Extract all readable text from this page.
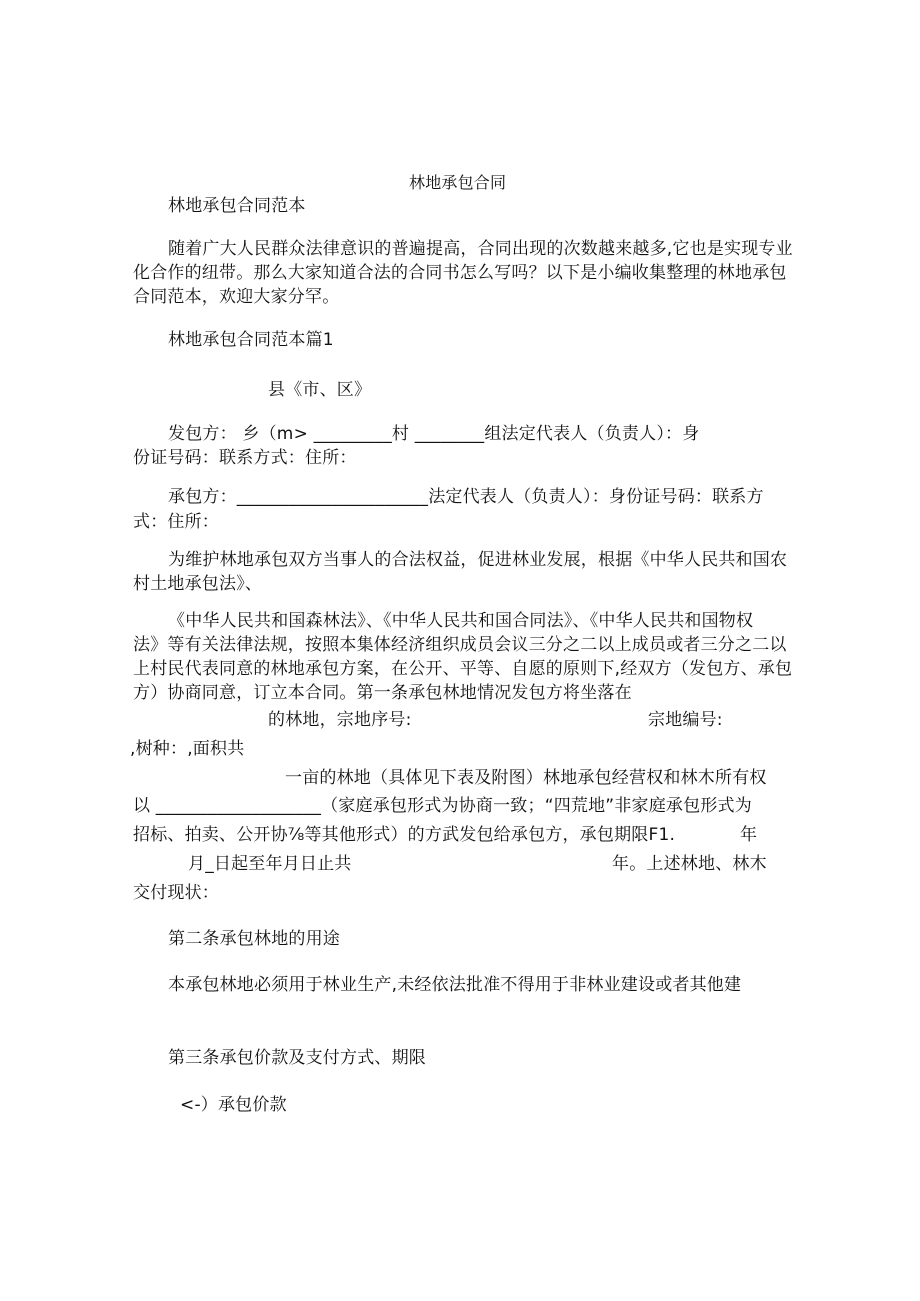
林地承包合同
林地承包合同范本
随着广大人民群众法律意识的普遍提高，合同出现的次数越来越多,它也是实现专业
化合作的纽带。那么大家知道合法的合同书怎么写吗？以下是小编收集整理的林地承包
合同范本，欢迎大家分罕。
林地承包合同范本篇1
县《市、区》
发包方： 乡（m> _________村 ________组法定代表人（负责人）：身
份证号码：联系方式：住所：
承包方：______________________法定代表人（负责人）：身份证号码：联系方
式：住所：
为维护林地承包双方当事人的合法权益，促进林业发展，根据《中华人民共和国农
村土地承包法》、
《中华人民共和国森林法》、《中华人民共和国合同法》、《中华人民共和国物权
法》等有关法律法规，按照本集体经济组织成员会议三分之二以上成员或者三分之二以
上村民代表同意的林地承包方案，在公开、平等、自愿的原则下,经双方（发包方、承包
方）协商同意，订立本合同。第一条承包林地情况发包方将坐落在
的林地，宗地序号:	宗地编号:
,树种：,面积共
一亩的林地（具体见下表及附图）林地承包经营权和林木所有权
以 ___________________（家庭承包形式为协商一致；“四荒地”非家庭承包形式为
招标、拍卖、公开协⅞等其他形式）的方武发包给承包方，承包期限F1.	年
月_日起至年月日止共	年。上述林地、林木
交付现状：
第二条承包林地的用途
本承包林地必须用于林业生产,未经依法批准不得用于非林业建设或者其他建
第三条承包价款及支付方式、期限
<-）承包价款
